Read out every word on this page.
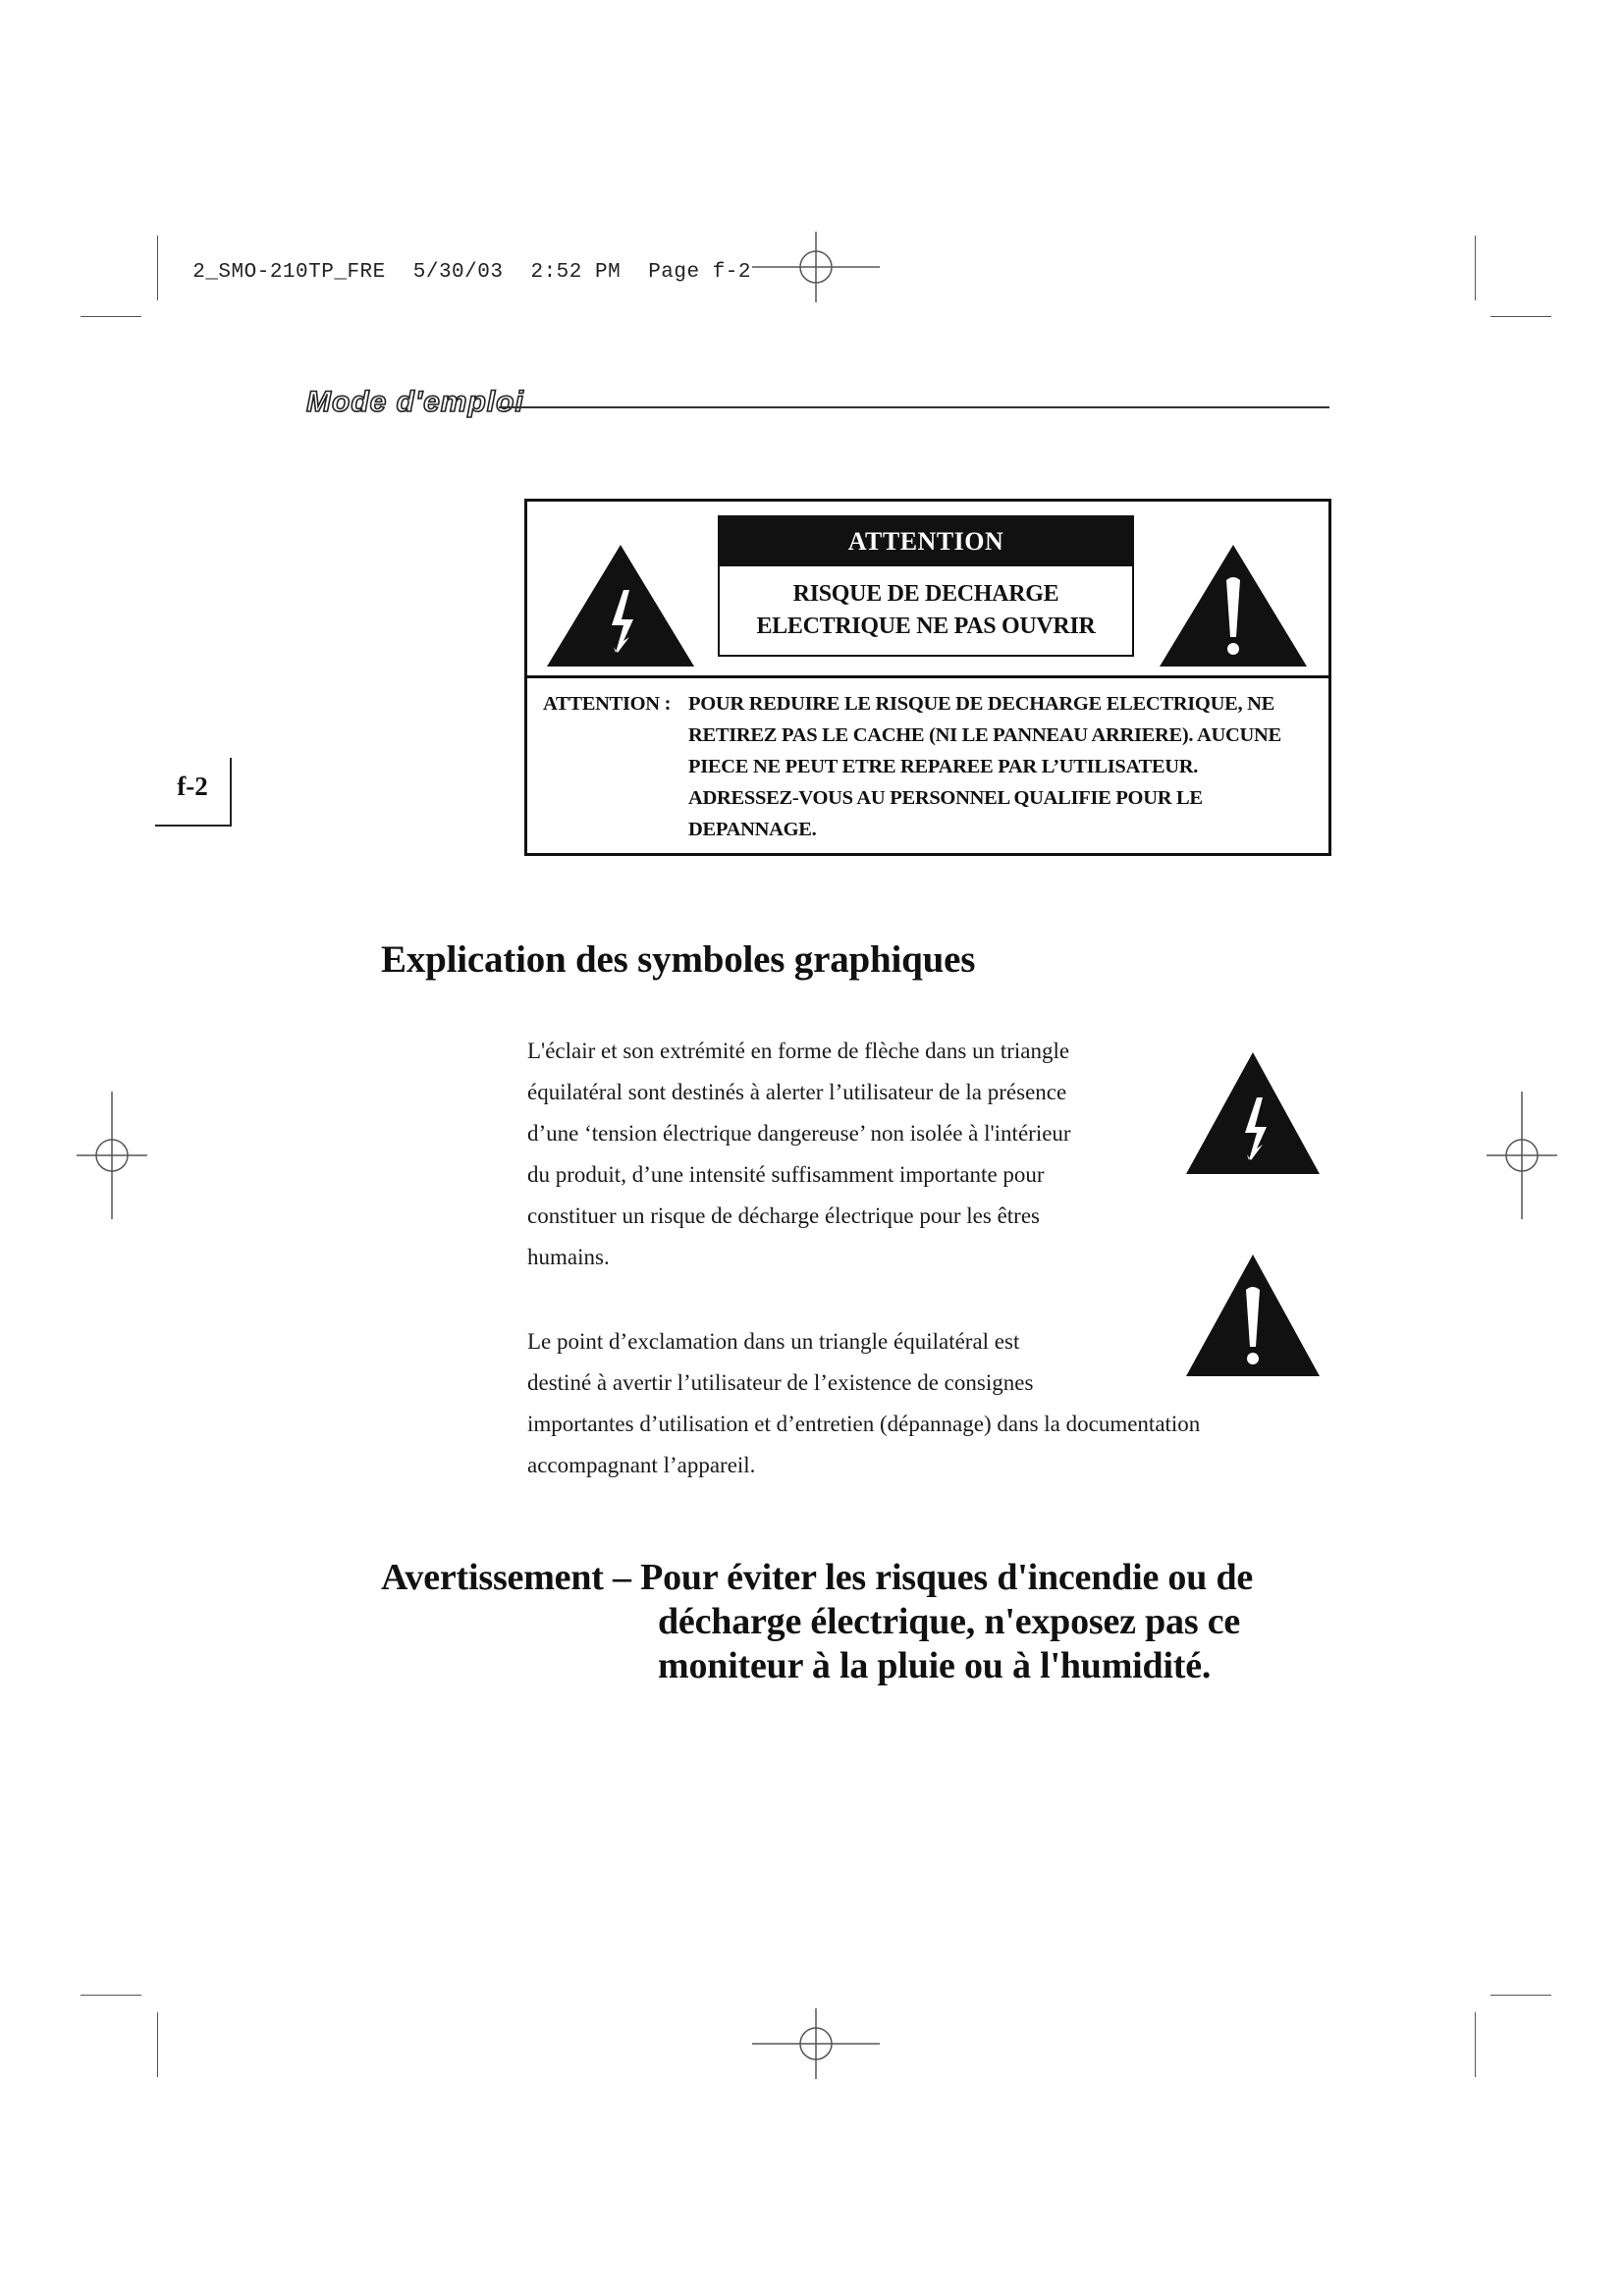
2_SMO-210TP_FRE 5/30/03 2:52 PM Page f-2

Mode d'emploi
f-2
ATTENTION
RISQUE DE DECHARGE
ELECTRIQUE NE PAS OUVRIR
ATTENTION : POUR REDUIRE LE RISQUE DE DECHARGE ELECTRIQUE, NE
RETIREZ PAS LE CACHE (NI LE PANNEAU ARRIERE). AUCUNE
PIECE NE PEUT ETRE REPAREE PAR L’UTILISATEUR.
ADRESSEZ-VOUS AU PERSONNEL QUALIFIE POUR LE
DEPANNAGE.
Explication des symboles graphiques
L'éclair et son extrémité en forme de flèche dans un triangle
équilatéral sont destinés à alerter l’utilisateur de la présence
d’une ‘tension électrique dangereuse’ non isolée à l'intérieur
du produit, d’une intensité suffisamment importante pour
constituer un risque de décharge électrique pour les êtres
humains.
Le point d’exclamation dans un triangle équilatéral est
destiné à avertir l’utilisateur de l’existence de consignes
importantes d’utilisation et d’entretien (dépannage) dans la documentation
accompagnant l’appareil.
Avertissement – Pour éviter les risques d'incendie ou de
décharge électrique, n'exposez pas ce
moniteur à la pluie ou à l'humidité.
